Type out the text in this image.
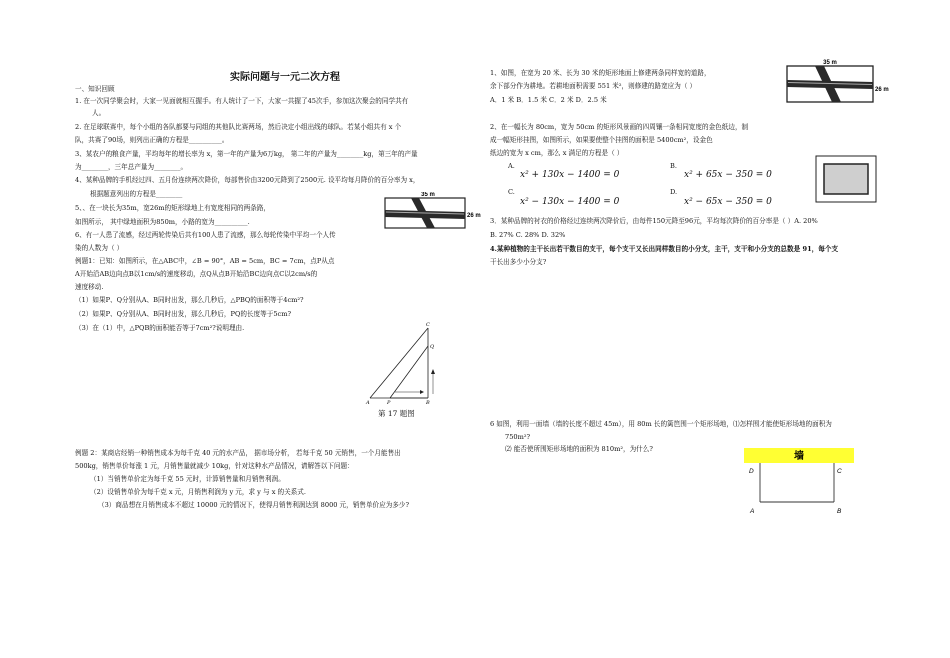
实际问题与一元二次方程
一、知识回顾
1. 在一次同学聚会时，大家一见面就相互握手。有人统计了一下，大家一共握了45次手，参加这次聚会的同学共有
人。
2. 在足球联赛中，每个小组的各队都要与同组的其他队比赛两场，然后决定小组出线的球队。若某小组共有 x 个
队，共赛了90场，则列出正确的方程是__________。
3、某农户的粮食产量，平均每年的增长率为 x，第一年的产量为6万kg， 第二年的产量为________kg，第三年的产量
为________，三年总产量为________。
4、某种品牌的手机经过四、五月份连续两次降价，每部售价由3200元降到了2500元. 设平均每月降价的百分率为 x，
根据题意列出的方程是________
5、、在一块长为35m，宽26m的矩形绿地上有宽度相同的两条路，
如图所示， 其中绿地面积为850m，小路的宽为__________.
6、有一人患了流感，经过两轮传染后共有100人患了流感，那么每轮传染中平均一个人传
染的人数为（ ）
35 m
26 m
例题1：已知：如图所示，在△ABC中，∠B = 90°，AB = 5cm，BC = 7cm，点P从点
A开始沿AB边向点B以1cm/s的速度移动，点Q从点B开始沿BC边向点C以2cm/s的
速度移动.
（1）如果P、Q分别从A、B同时出发，那么几秒后，△PBQ的面积等于4cm²?
（2）如果P、Q分别从A、B同时出发，那么几秒后，PQ的长度等于5cm?
（3）在（1）中，△PQB的面积能否等于7cm²?说明理由.
A	P	B
C
Q
第 17 题图
例题 2：某商店经销一种销售成本为每千克 40 元的水产品， 据市场分析， 若每千克 50 元销售，一个月能售出
500kg，销售单价每涨 1 元，月销售量就减少 10kg，针对这种水产品情况，请解答以下问题：
（1）当销售单价定为每千克 55 元时，计算销售量和月销售利润。
（2）设销售单价为每千克 x 元，月销售利润为 y 元，求 y 与 x 的关系式.
（3）商品想在月销售成本不超过 10000 元的情况下，使得月销售利润达到 8000 元，销售单价应为多少?
1、如图，在宽为 20 米、长为 30 米的矩形地面上修建两条同样宽的道路，
余下部分作为耕地。若耕地面积需要 551 米²，则修建的路宽应为（ ）
A．1 米 B．1.5 米 C．2 米 D．2.5 米
35 m
26 m
2、在一幅长为 80cm，宽为 50cm 的矩形风景画的四周镶一条相同宽度的金色纸边，制
成一幅矩形挂图，如图所示，如果要使整个挂图的面积是 5400cm²，设金色
纸边的宽为 x cm，那么 x 满足的方程是（ ）
A.
x² + 130x − 1400 = 0
B.
x² + 65x − 350 = 0
C.
x² − 130x − 1400 = 0
D.
x² − 65x − 350 = 0
3．某种品牌的衬衣的价格经过连续两次降价后，由每件150元降至96元，平均每次降价的百分率是（ ）A. 20%
B. 27% C. 28% D. 32%
4.某种植物的主干长出若干数目的支干，每个支干又长出同样数目的小分支，主干，支干和小分支的总数是 91，每个支
干长出多少小分支?
6 如图，利用一面墙（墙的长度不超过 45m），用 80m 长的篱笆围一个矩形场地，⑴怎样围才能使矩形场地的面积为
750m²?
⑵ 能否使所围矩形场地的面积为 810m²，为什么?
墙
D	C
A	B
